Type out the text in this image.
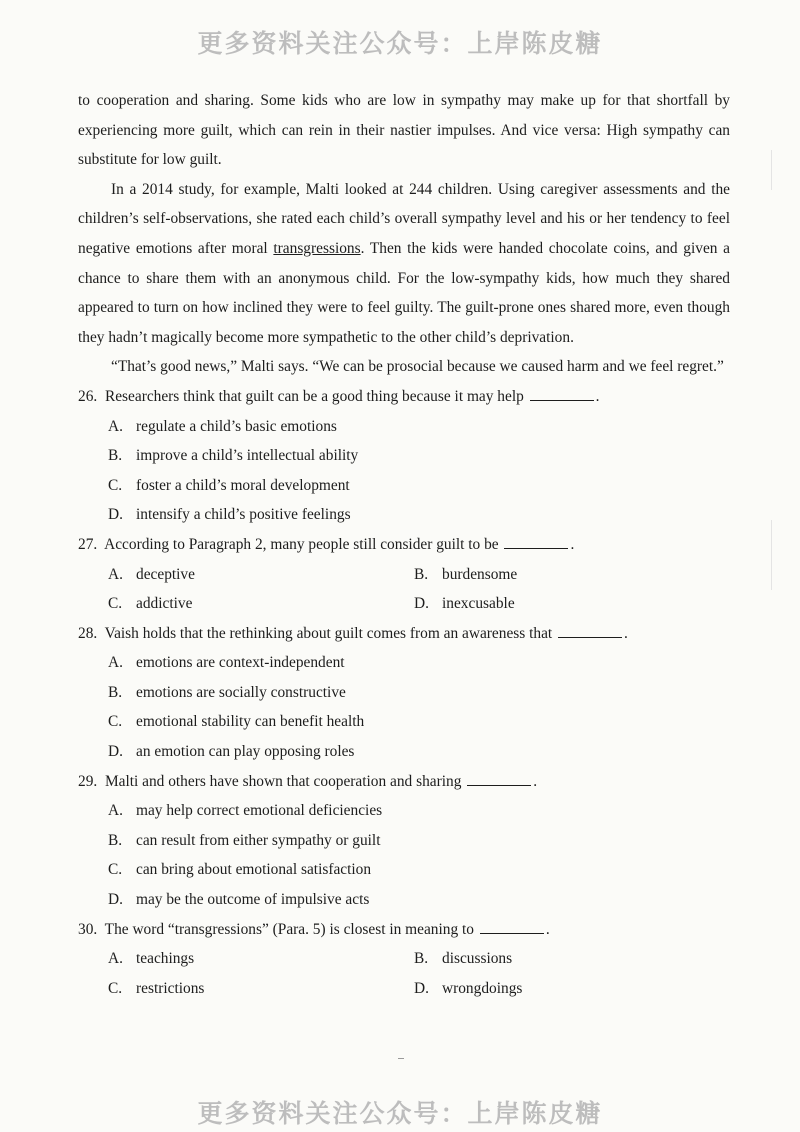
更多资料关注公众号：上岸陈皮糖

to cooperation and sharing. Some kids who are low in sympathy may make up for that shortfall by experiencing more guilt, which can rein in their nastier impulses. And vice versa: High sympathy can substitute for low guilt.

In a 2014 study, for example, Malti looked at 244 children. Using caregiver assessments and the children’s self-observations, she rated each child’s overall sympathy level and his or her tendency to feel negative emotions after moral transgressions. Then the kids were handed chocolate coins, and given a chance to share them with an anonymous child. For the low-sympathy kids, how much they shared appeared to turn on how inclined they were to feel guilty. The guilt-prone ones shared more, even though they hadn’t magically become more sympathetic to the other child’s deprivation.

“That’s good news,” Malti says. “We can be prosocial because we caused harm and we feel regret.”

26. Researchers think that guilt can be a good thing because it may help	.
A. regulate a child’s basic emotions
B. improve a child’s intellectual ability
C. foster a child’s moral development
D. intensify a child’s positive feelings
27. According to Paragraph 2, many people still consider guilt to be	.
A. deceptive	B. burdensome
C. addictive	D. inexcusable
28. Vaish holds that the rethinking about guilt comes from an awareness that	.
A. emotions are context-independent
B. emotions are socially constructive
C. emotional stability can benefit health
D. an emotion can play opposing roles
29. Malti and others have shown that cooperation and sharing	.
A. may help correct emotional deficiencies
B. can result from either sympathy or guilt
C. can bring about emotional satisfaction
D. may be the outcome of impulsive acts
30. The word “transgressions” (Para. 5) is closest in meaning to	.
A. teachings	B. discussions
C. restrictions	D. wrongdoings
更多资料关注公众号：上岸陈皮糖
